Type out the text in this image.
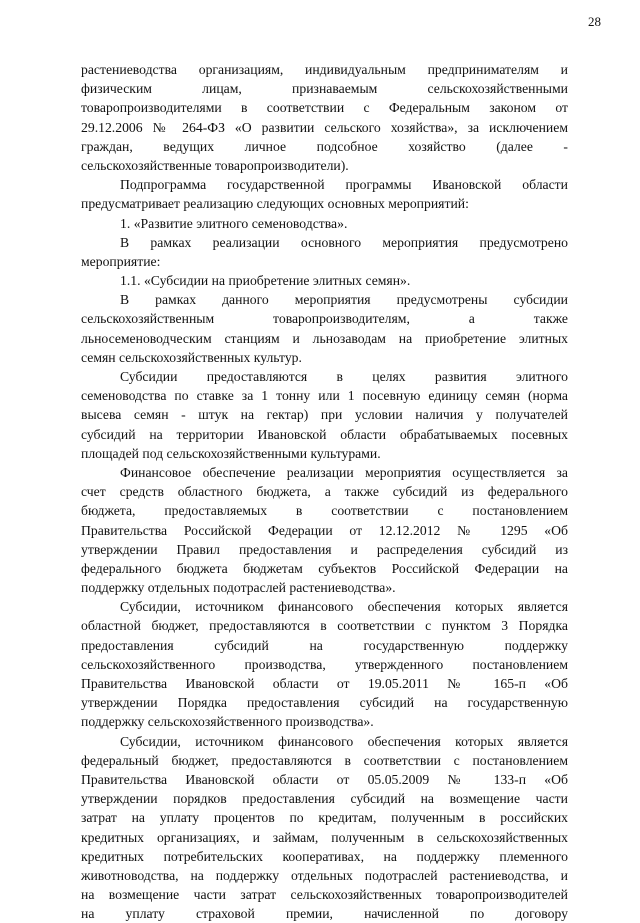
28
растениеводства организациям, индивидуальным предпринимателям и
физическим лицам, признаваемым сельскохозяйственными
товаропроизводителями в соответствии с Федеральным законом от
29.12.2006 № 264-ФЗ «О развитии сельского хозяйства», за исключением
граждан, ведущих личное подсобное хозяйство (далее -
сельскохозяйственные товаропроизводители).
Подпрограмма государственной программы Ивановской области
предусматривает реализацию следующих основных мероприятий:
1. «Развитие элитного семеноводства».
В рамках реализации основного мероприятия предусмотрено
мероприятие:
1.1. «Субсидии на приобретение элитных семян».
В рамках данного мероприятия предусмотрены субсидии
сельскохозяйственным товаропроизводителям, а также
льносеменоводческим станциям и льнозаводам на приобретение элитных
семян сельскохозяйственных культур.
Субсидии предоставляются в целях развития элитного
семеноводства по ставке за 1 тонну или 1 посевную единицу семян (норма
высева семян - штук на гектар) при условии наличия у получателей
субсидий на территории Ивановской области обрабатываемых посевных
площадей под сельскохозяйственными культурами.
Финансовое обеспечение реализации мероприятия осуществляется за
счет средств областного бюджета, а также субсидий из федерального
бюджета, предоставляемых в соответствии с постановлением
Правительства Российской Федерации от 12.12.2012 № 1295 «Об
утверждении Правил предоставления и распределения субсидий из
федерального бюджета бюджетам субъектов Российской Федерации на
поддержку отдельных подотраслей растениеводства».
Субсидии, источником финансового обеспечения которых является
областной бюджет, предоставляются в соответствии с пунктом 3 Порядка
предоставления субсидий на государственную поддержку
сельскохозяйственного производства, утвержденного постановлением
Правительства Ивановской области от 19.05.2011 № 165-п «Об
утверждении Порядка предоставления субсидий на государственную
поддержку сельскохозяйственного производства».
Субсидии, источником финансового обеспечения которых является
федеральный бюджет, предоставляются в соответствии с постановлением
Правительства Ивановской области от 05.05.2009 № 133-п «Об
утверждении порядков предоставления субсидий на возмещение части
затрат на уплату процентов по кредитам, полученным в российских
кредитных организациях, и займам, полученным в сельскохозяйственных
кредитных потребительских кооперативах, на поддержку племенного
животноводства, на поддержку отдельных подотраслей растениеводства, и
на возмещение части затрат сельскохозяйственных товаропроизводителей
на уплату страховой премии, начисленной по договору
